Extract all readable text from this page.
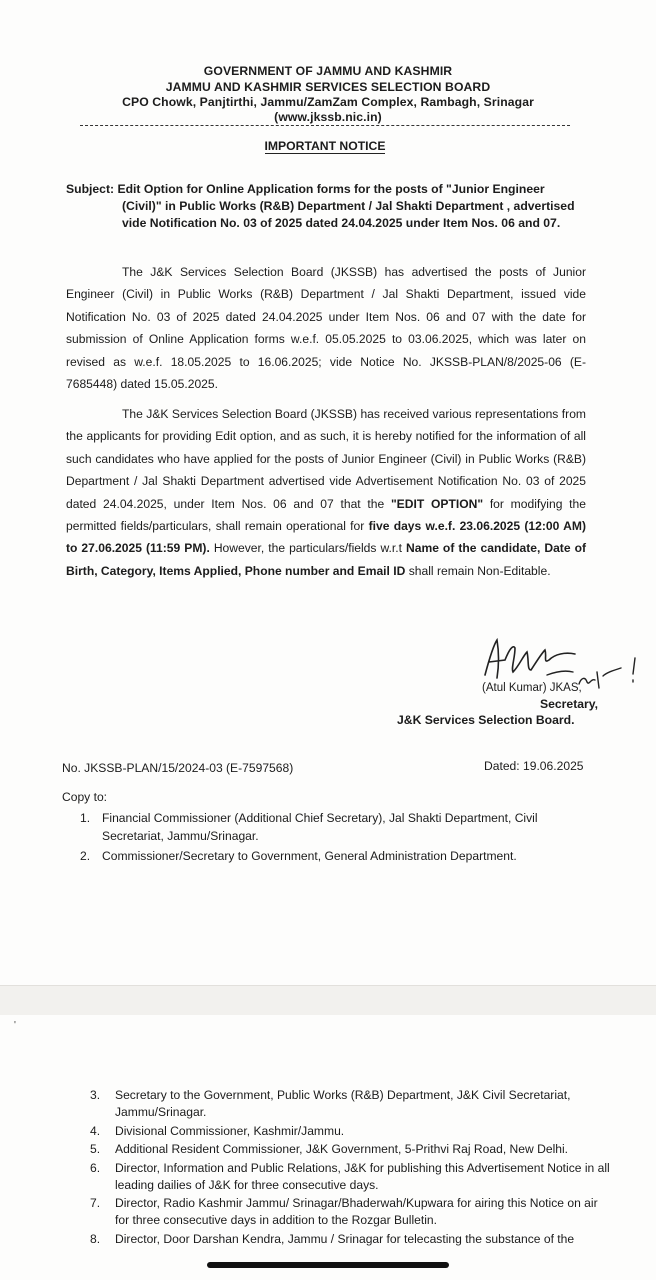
GOVERNMENT OF JAMMU AND KASHMIR
JAMMU AND KASHMIR SERVICES SELECTION BOARD
CPO Chowk, Panjtirthi, Jammu/ZamZam Complex, Rambagh, Srinagar
(www.jkssb.nic.in)
IMPORTANT NOTICE
Subject: Edit Option for Online Application forms for the posts of "Junior Engineer
(Civil)" in Public Works (R&B) Department / Jal Shakti Department , advertised vide Notification No. 03 of 2025 dated 24.04.2025 under Item Nos. 06 and 07.
The J&K Services Selection Board (JKSSB) has advertised the posts of Junior Engineer (Civil) in Public Works (R&B) Department / Jal Shakti Department, issued vide Notification No. 03 of 2025 dated 24.04.2025 under Item Nos. 06 and 07 with the date for submission of Online Application forms w.e.f. 05.05.2025 to 03.06.2025, which was later on revised as w.e.f. 18.05.2025 to 16.06.2025; vide Notice No. JKSSB-PLAN/8/2025-06 (E-7685448) dated 15.05.2025.
The J&K Services Selection Board (JKSSB) has received various representations from the applicants for providing Edit option, and as such, it is hereby notified for the information of all such candidates who have applied for the posts of Junior Engineer (Civil) in Public Works (R&B) Department / Jal Shakti Department advertised vide Advertisement Notification No. 03 of 2025 dated 24.04.2025, under Item Nos. 06 and 07 that the "EDIT OPTION" for modifying the permitted fields/particulars, shall remain operational for five days w.e.f. 23.06.2025 (12:00 AM) to 27.06.2025 (11:59 PM). However, the particulars/fields w.r.t Name of the candidate, Date of Birth, Category, Items Applied, Phone number and Email ID shall remain Non-Editable.
(Atul Kumar) JKAS,
Secretary,
J&K Services Selection Board.
No. JKSSB-PLAN/15/2024-03 (E-7597568)	Dated: 19.06.2025
Copy to:
1. Financial Commissioner (Additional Chief Secretary), Jal Shakti Department, Civil Secretariat, Jammu/Srinagar.
2. Commissioner/Secretary to Government, General Administration Department.
'
3. Secretary to the Government, Public Works (R&B) Department, J&K Civil Secretariat, Jammu/Srinagar.
4. Divisional Commissioner, Kashmir/Jammu.
5. Additional Resident Commissioner, J&K Government, 5-Prithvi Raj Road, New Delhi.
6. Director, Information and Public Relations, J&K for publishing this Advertisement Notice in all leading dailies of J&K for three consecutive days.
7. Director, Radio Kashmir Jammu/ Srinagar/Bhaderwah/Kupwara for airing this Notice on air for three consecutive days in addition to the Rozgar Bulletin.
8. Director, Door Darshan Kendra, Jammu / Srinagar for telecasting the substance of the
